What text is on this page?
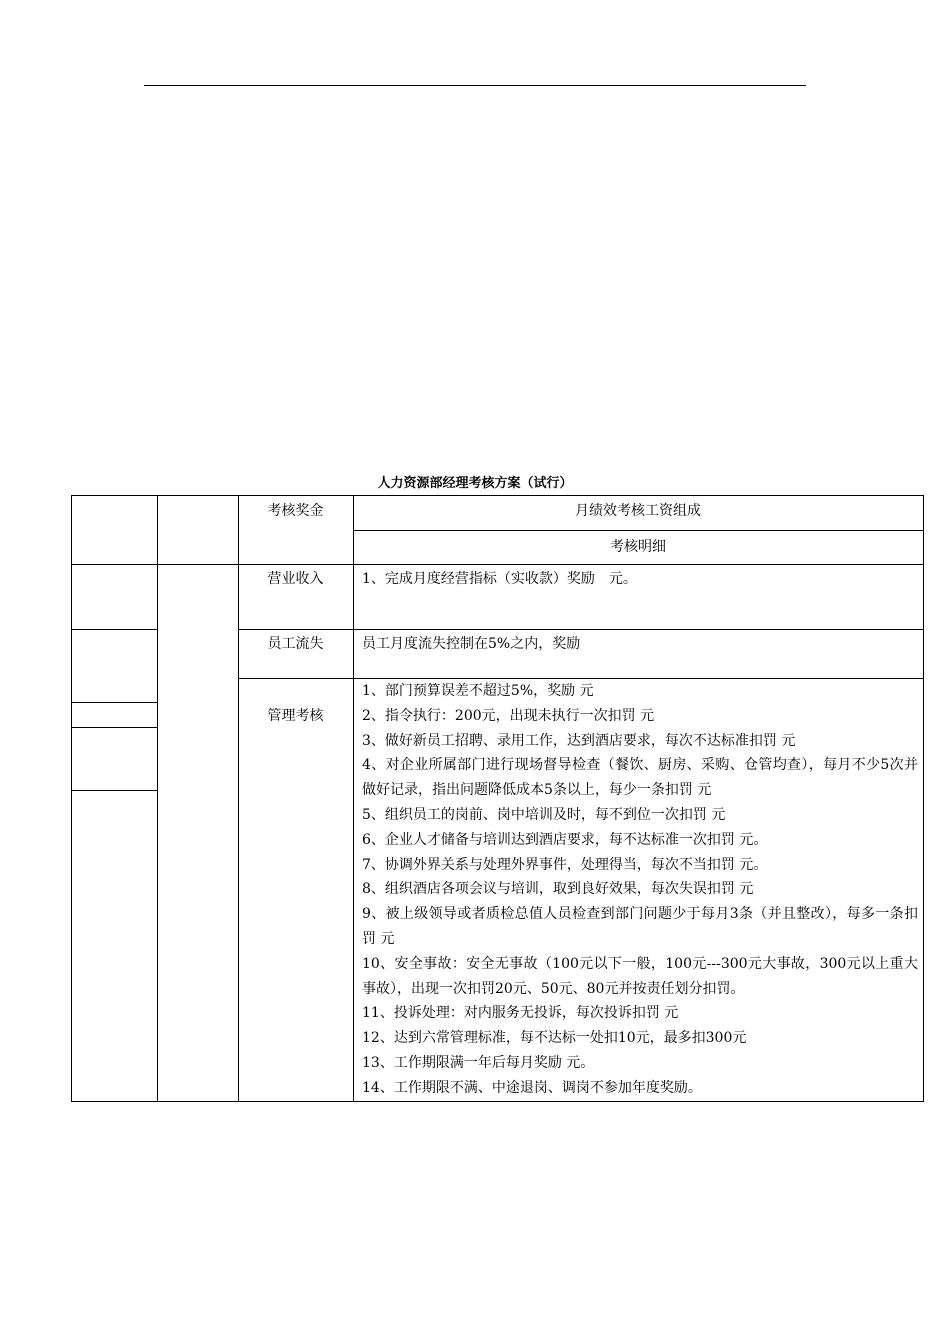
人力资源部经理考核方案（试行）
考核奖金	月绩效考核工资组成
考核明细
营业收入	1、完成月度经营指标（实收款）奖励　元。
员工流失	员工月度流失控制在5%之内，奖励
管理考核
1、部门预算误差不超过5%，奖励 元
2、指令执行：200元，出现未执行一次扣罚 元
3、做好新员工招聘、录用工作，达到酒店要求，每次不达标准扣罚 元
4、对企业所属部门进行现场督导检查（餐饮、厨房、采购、仓管均查），每月不少5次并做好记录，指出问题降低成本5条以上，每少一条扣罚 元
5、组织员工的岗前、岗中培训及时，每不到位一次扣罚 元
6、企业人才储备与培训达到酒店要求，每不达标准一次扣罚 元。
7、协调外界关系与处理外界事件，处理得当，每次不当扣罚 元。
8、组织酒店各项会议与培训，取到良好效果，每次失误扣罚 元
9、被上级领导或者质检总值人员检查到部门问题少于每月3条（并且整改），每多一条扣罚 元
10、安全事故：安全无事故（100元以下一般，100元---300元大事故，300元以上重大事故），出现一次扣罚20元、50元、80元并按责任划分扣罚。
11、投诉处理：对内服务无投诉，每次投诉扣罚 元
12、达到六常管理标准，每不达标一处扣10元，最多扣300元
13、工作期限满一年后每月奖励 元。
14、工作期限不满、中途退岗、调岗不参加年度奖励。
